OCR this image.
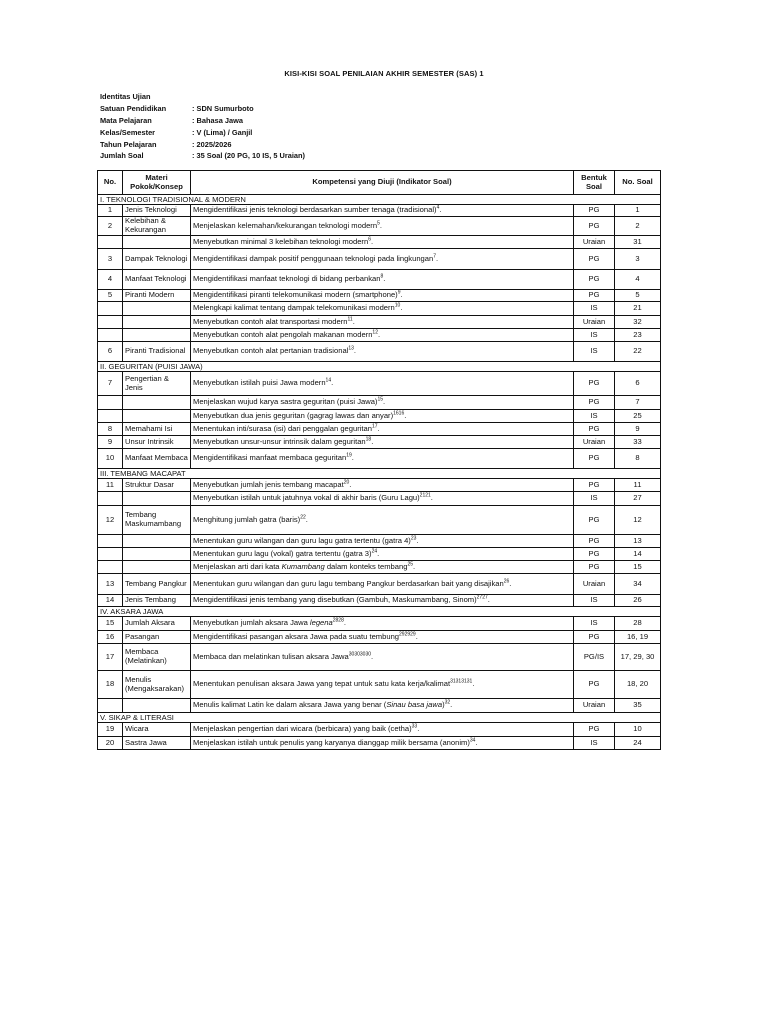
KISI-KISI SOAL PENILAIAN AKHIR SEMESTER (SAS) 1
Identitas Ujian
Satuan Pendidikan	: SDN Sumurboto
Mata Pelajaran	: Bahasa Jawa
Kelas/Semester	: V (Lima) / Ganjil
Tahun Pelajaran	: 2025/2026
Jumlah Soal	: 35 Soal (20 PG, 10 IS, 5 Uraian)
No.	Materi Pokok/Konsep	Kompetensi yang Diuji (Indikator Soal)	Bentuk Soal	No. Soal
I. TEKNOLOGI TRADISIONAL & MODERN				
1	Jenis Teknologi	Mengidentifikasi jenis teknologi berdasarkan sumber tenaga (tradisional)$^4$.	PG	1
2	Kelebihan & Kekurangan	Menjelaskan kelemahan/kekurangan teknologi modern$^5$.	PG	2
		Menyebutkan minimal 3 kelebihan teknologi modern$^6$.	Uraian	31
3	Dampak Teknologi	Mengidentifikasi dampak positif penggunaan teknologi pada lingkungan$^7$.	PG	3
4	Manfaat Teknologi	Mengidentifikasi manfaat teknologi di bidang perbankan$^8$.	PG	4
5	Piranti Modern	Mengidentifikasi piranti telekomunikasi modern (smartphone)$^9$.	PG	5
		Melengkapi kalimat tentang dampak telekomunikasi modern$^{10}$.	IS	21
		Menyebutkan contoh alat transportasi modern$^{11}$.	Uraian	32
		Menyebutkan contoh alat pengolah makanan modern$^{12}$.	IS	23
6	Piranti Tradisional	Menyebutkan contoh alat pertanian tradisional$^{13}$.	IS	22
II. GEGURITAN (PUISI JAWA)				
7	Pengertian & Jenis	Menyebutkan istilah puisi Jawa modern$^{14}$.	PG	6
		Menjelaskan wujud karya sastra geguritan (puisi Jawa)$^{15}$.	PG	7
		Menyebutkan dua jenis geguritan (gagrag lawas dan anyar)$^{1616}$.	IS	25
8	Memahami Isi	Menentukan inti/surasa (isi) dari penggalan geguritan$^{17}$.	PG	9
9	Unsur Intrinsik	Menyebutkan unsur-unsur intrinsik dalam geguritan$^{18}$.	Uraian	33
10	Manfaat Membaca	Mengidentifikasi manfaat membaca geguritan$^{19}$.	PG	8
III. TEMBANG MACAPAT				
11	Struktur Dasar	Menyebutkan jumlah jenis tembang macapat$^{20}$.	PG	11
		Menyebutkan istilah untuk jatuhnya vokal di akhir baris (Guru Lagu)$^{2121}$.	IS	27
12	Tembang Maskumambang	Menghitung jumlah gatra (baris)$^{22}$.	PG	12
		Menentukan guru wilangan dan guru lagu gatra tertentu (gatra 4)$^{23}$.	PG	13
		Menentukan guru lagu (vokal) gatra tertentu (gatra 3)$^{24}$.	PG	14
		Menjelaskan arti dari kata Kumambang dalam konteks tembang$^{25}$.	PG	15
13	Tembang Pangkur	Menentukan guru wilangan dan guru lagu tembang Pangkur berdasarkan bait yang disajikan$^{26}$.	Uraian	34
14	Jenis Tembang	Mengidentifikasi jenis tembang yang disebutkan (Gambuh, Maskumambang, Sinom)$^{2727}$.	IS	26
IV. AKSARA JAWA				
15	Jumlah Aksara	Menyebutkan jumlah aksara Jawa legena$^{2828}$.	IS	28
16	Pasangan	Mengidentifikasi pasangan aksara Jawa pada suatu tembung$^{292929}$.	PG	16, 19
17	Membaca (Melatinkan)	Membaca dan melatinkan tulisan aksara Jawa$^{30303030}$.	PG/IS	17, 29, 30
18	Menulis (Mengaksarakan)	Menentukan penulisan aksara Jawa yang tepat untuk satu kata kerja/kalimat$^{31313131}$.	PG	18, 20
		Menulis kalimat Latin ke dalam aksara Jawa yang benar (Sinau basa jawa)$^{32}$.	Uraian	35
V. SIKAP & LITERASI				
19	Wicara	Menjelaskan pengertian dari wicara (berbicara) yang baik (cetha)$^{33}$.	PG	10
20	Sastra Jawa	Menjelaskan istilah untuk penulis yang karyanya dianggap milik bersama (anonim)$^{34}$.	IS	24
